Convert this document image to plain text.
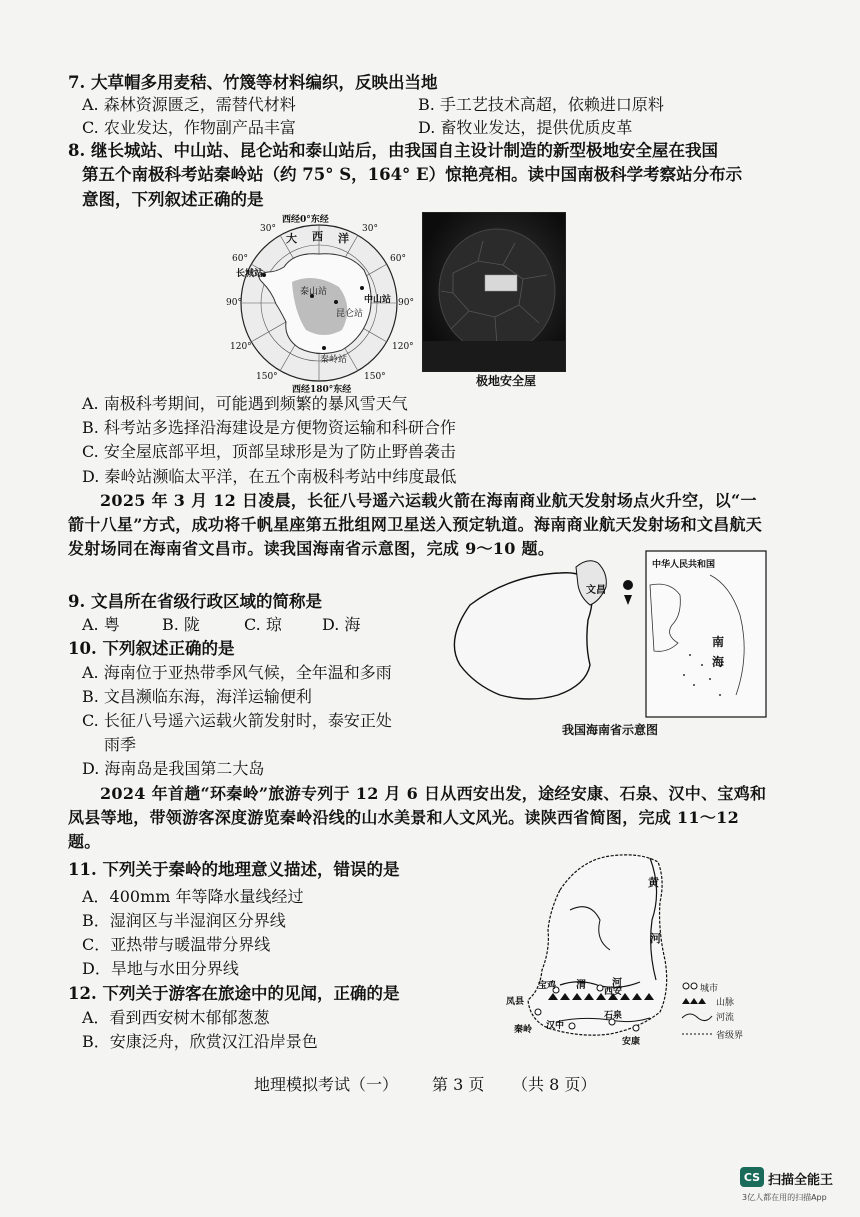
7. 大草帽多用麦秸、竹篾等材料编织，反映出当地
A. 森林资源匮乏，需替代材料	B. 手工艺技术高超，依赖进口原料
C. 农业发达，作物副产品丰富	D. 畜牧业发达，提供优质皮革
8. 继长城站、中山站、昆仑站和泰山站后，由我国自主设计制造的新型极地安全屋在我国
第五个南极科考站秦岭站（约 75° S，164° E）惊艳亮相。读中国南极科学考察站分布示
意图，下列叙述正确的是
西经0°东经
西经180°东经
大 西 洋
30°	30°
60°	60°
90°	90°
120°	120°
150°	150°
长城站
中山站
昆仑站
泰山站
秦岭站
极地安全屋
A. 南极科考期间，可能遇到频繁的暴风雪天气
B. 科考站多选择沿海建设是方便物资运输和科研合作
C. 安全屋底部平坦，顶部呈球形是为了防止野兽袭击
D. 秦岭站濒临太平洋，在五个南极科考站中纬度最低
2025 年 3 月 12 日凌晨，长征八号遥六运载火箭在海南商业航天发射场点火升空，以“一箭十八星”方式，成功将千帆星座第五批组网卫星送入预定轨道。海南商业航天发射场和文昌航天发射场同在海南省文昌市。读我国海南省示意图，完成 9～10 题。
9. 文昌所在省级行政区域的简称是
A. 粤	B. 陇	C. 琼	D. 海
10. 下列叙述正确的是
A. 海南位于亚热带季风气候，全年温和多雨
B. 文昌濒临东海，海洋运输便利
C. 长征八号遥六运载火箭发射时，泰安正处
雨季
D. 海南岛是我国第二大岛
文昌
中华人民共和国
南
海
我国海南省示意图
2024 年首趟“环秦岭”旅游专列于 12 月 6 日从西安出发，途经安康、石泉、汉中、宝鸡和凤县等地，带领游客深度游览秦岭沿线的山水美景和人文风光。读陕西省简图，完成 11～12 题。
11. 下列关于秦岭的地理意义描述，错误的是
A．400mm 年等降水量线经过
B．湿润区与半湿润区分界线
C．亚热带与暖温带分界线
D．旱地与水田分界线
12. 下列关于游客在旅途中的见闻，正确的是
A．看到西安树木郁郁葱葱
B．安康泛舟，欣赏汉江沿岸景色
黄
河
渭	河
宝鸡
西安
凤县
汉中
石泉
安康
秦岭
城市
山脉
河流
省级界
地理模拟考试（一） 第 3 页 （共 8 页）
CS 扫描全能王
3亿人都在用的扫描App
